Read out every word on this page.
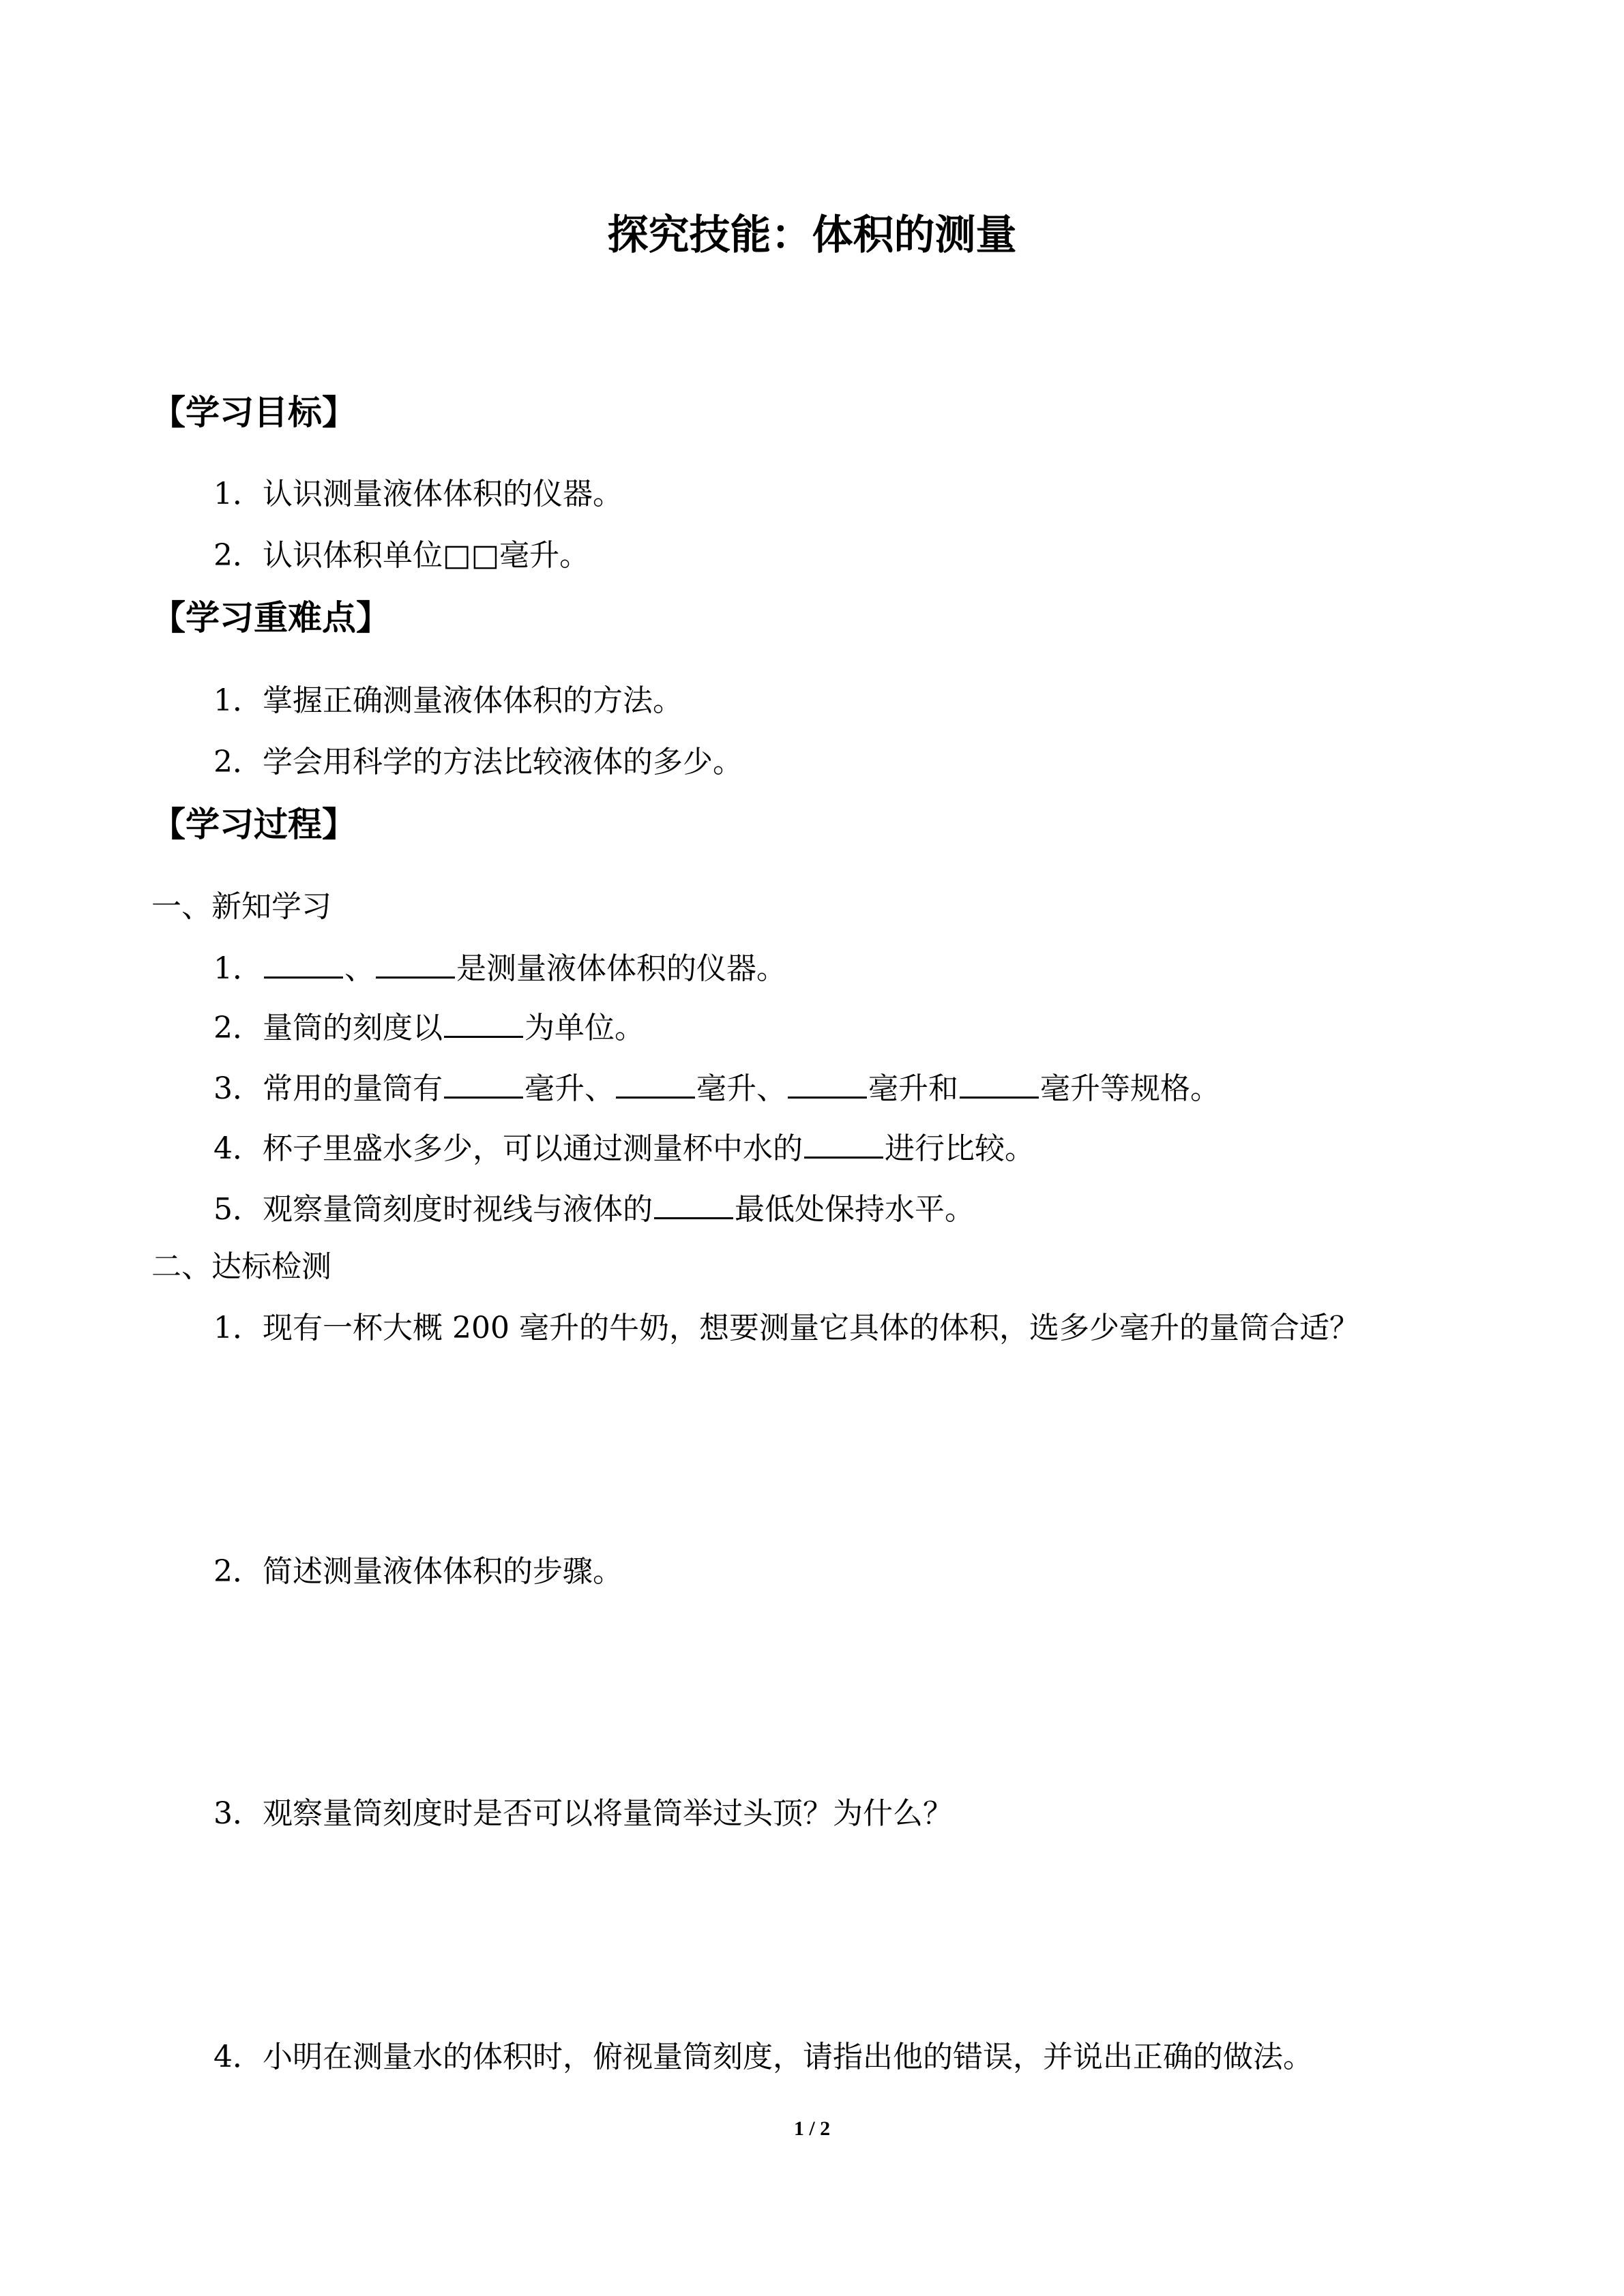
探究技能：体积的测量
【学习目标】
1．认识测量液体体积的仪器。
2．认识体积单位□□毫升。
【学习重难点】
1．掌握正确测量液体体积的方法。
2．学会用科学的方法比较液体的多少。
【学习过程】
一、新知学习
1．	、	是测量液体体积的仪器。
2．量筒的刻度以	为单位。
3．常用的量筒有	毫升、	毫升、	毫升和	毫升等规格。
4．杯子里盛水多少，可以通过测量杯中水的	进行比较。
5．观察量筒刻度时视线与液体的	最低处保持水平。
二、达标检测
1．现有一杯大概 200 毫升的牛奶，想要测量它具体的体积，选多少毫升的量筒合适？
2．简述测量液体体积的步骤。
3．观察量筒刻度时是否可以将量筒举过头顶？为什么？
4．小明在测量水的体积时，俯视量筒刻度，请指出他的错误，并说出正确的做法。
1 / 2
